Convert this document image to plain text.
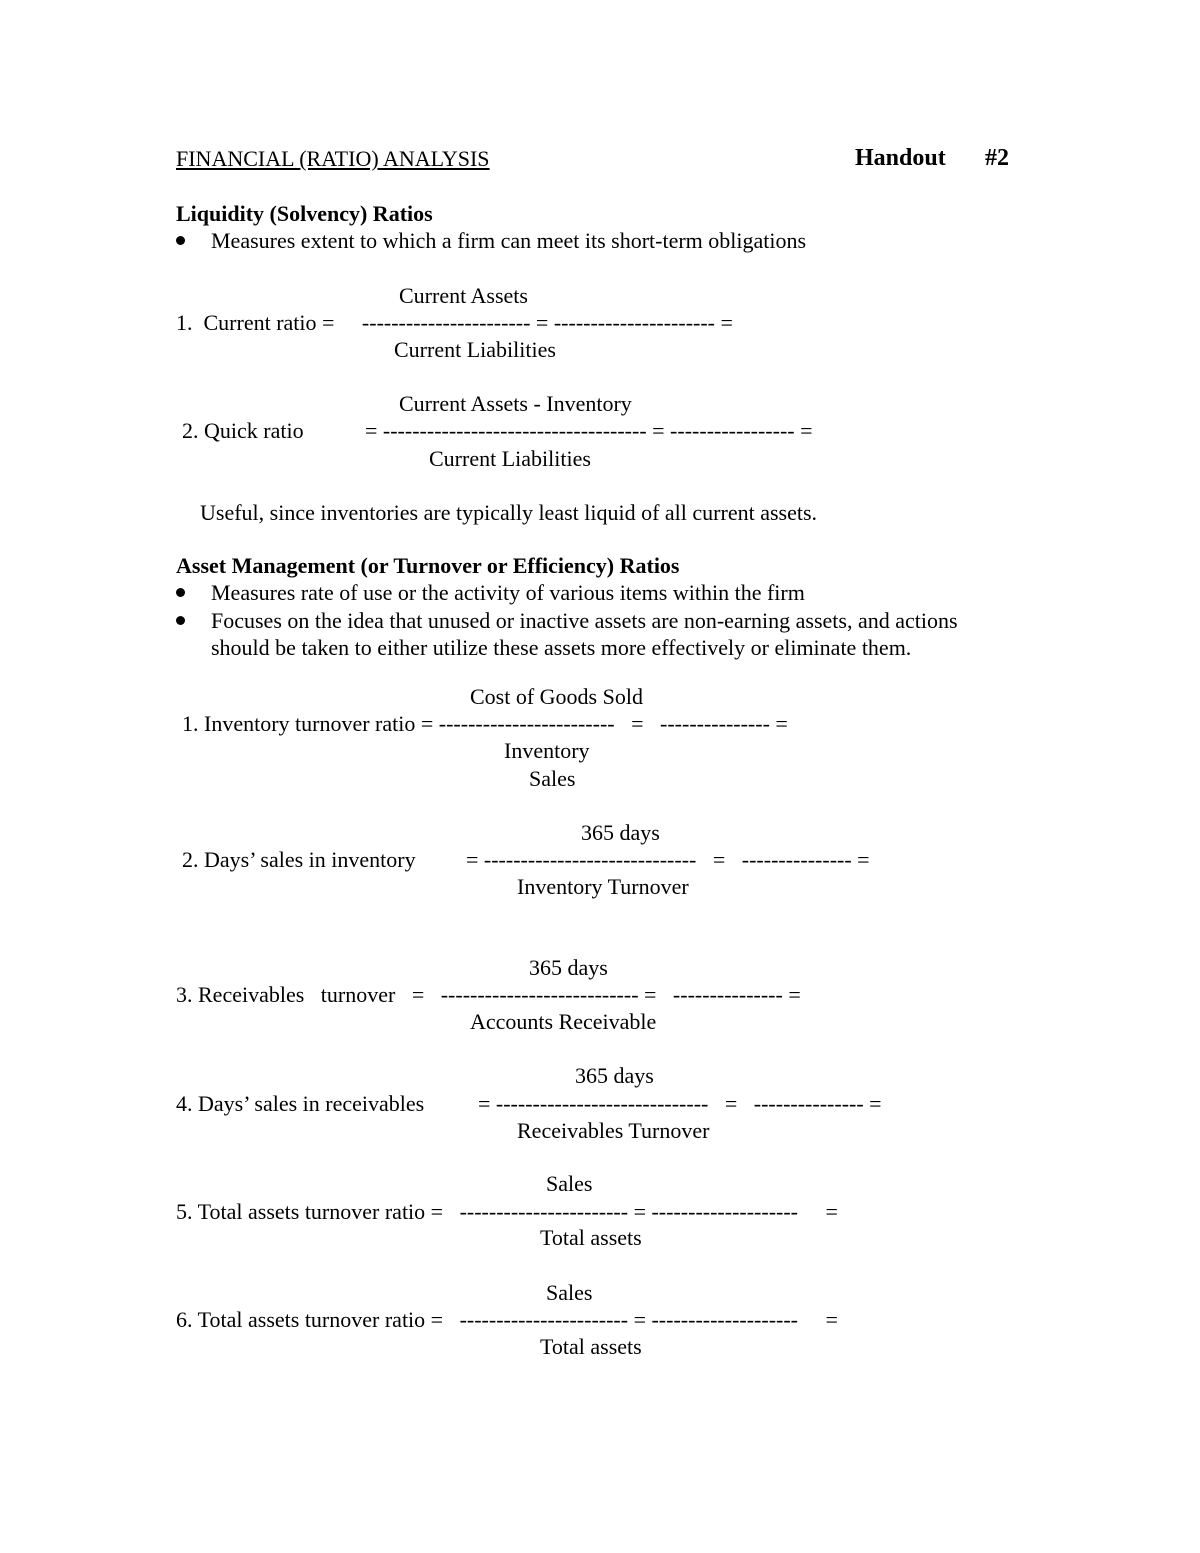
FINANCIAL (RATIO) ANALYSIS	Handout #2
Liquidity (Solvency) Ratios
Measures extent to which a firm can meet its short-term obligations
Current Assets
1.  Current ratio =     ----------------------- = ---------------------- =
Current Liabilities
Current Assets - Inventory
2. Quick ratio	= ------------------------------------ = ----------------- =
Current Liabilities
Useful, since inventories are typically least liquid of all current assets.
Asset Management (or Turnover or Efficiency) Ratios
Measures rate of use or the activity of various items within the firm
Focuses on the idea that unused or inactive assets are non-earning assets, and actions
should be taken to either utilize these assets more effectively or eliminate them.
Cost of Goods Sold
1. Inventory turnover ratio = ------------------------   =   --------------- =
Inventory
Sales
365 days
2. Days’ sales in inventory = -----------------------------   =   --------------- =
Inventory Turnover
365 days
3. Receivables   turnover   =   --------------------------- =   --------------- =
Accounts Receivable
365 days
4. Days’ sales in receivables = -----------------------------   =   --------------- =
Receivables Turnover
Sales
5. Total assets turnover ratio =   ----------------------- = --------------------     =
Total assets
Sales
6. Total assets turnover ratio =   ----------------------- = --------------------     =
Total assets
